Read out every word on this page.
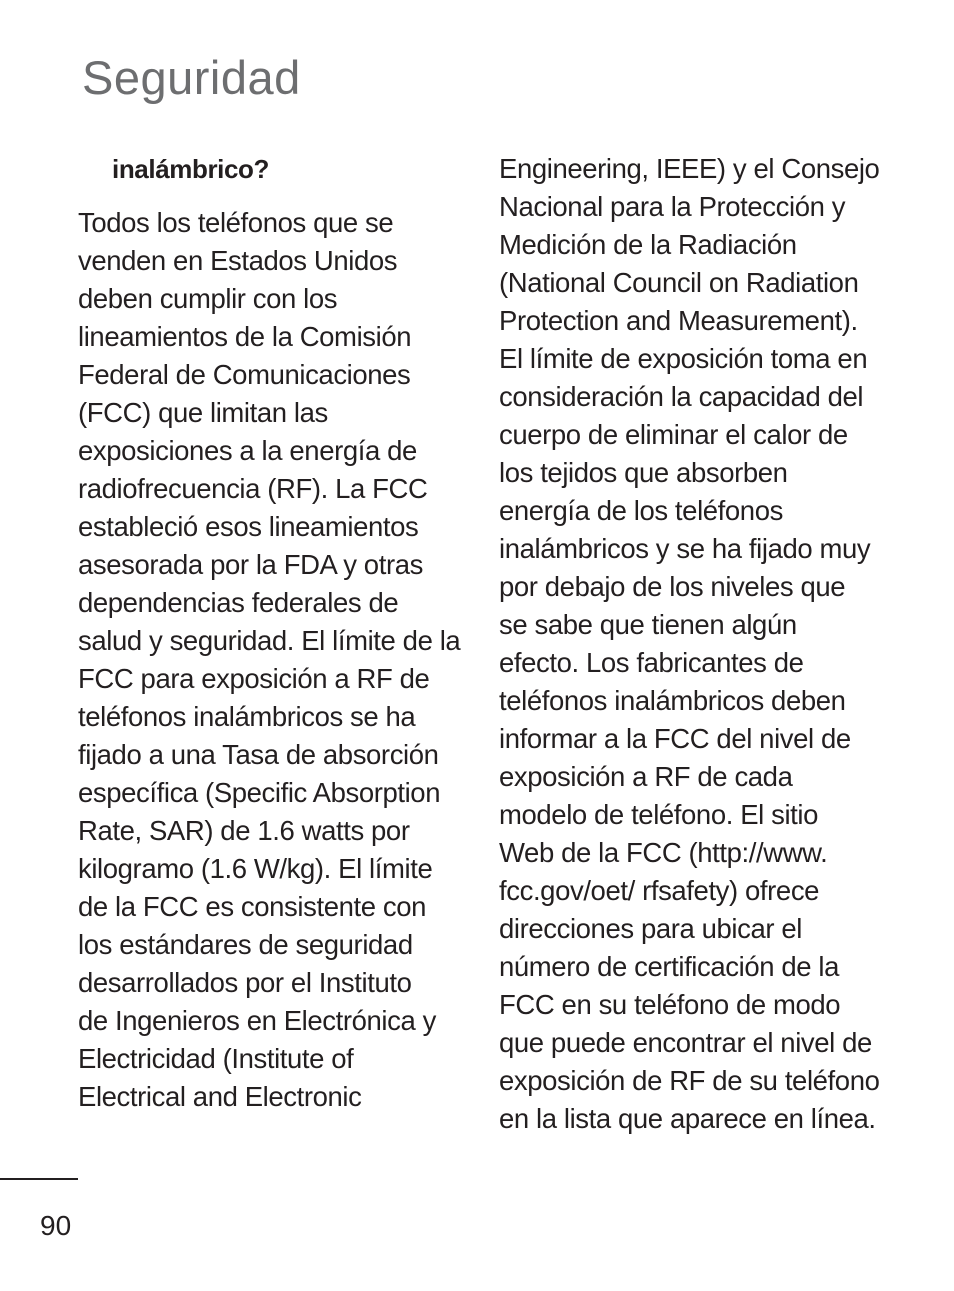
Seguridad
inalámbrico?
Todos los teléfonos que se
venden en Estados Unidos
deben cumplir con los
lineamientos de la Comisión
Federal de Comunicaciones
(FCC) que limitan las
exposiciones a la energía de
radiofrecuencia (RF). La FCC
estableció esos lineamientos
asesorada por la FDA y otras
dependencias federales de
salud y seguridad. El límite de la
FCC para exposición a RF de
teléfonos inalámbricos se ha
fijado a una Tasa de absorción
específica (Specific Absorption
Rate, SAR) de 1.6 watts por
kilogramo (1.6 W/kg). El límite
de la FCC es consistente con
los estándares de seguridad
desarrollados por el Instituto
de Ingenieros en Electrónica y
Electricidad (Institute of
Electrical and Electronic
Engineering, IEEE) y el Consejo
Nacional para la Protección y
Medición de la Radiación
(National Council on Radiation
Protection and Measurement).
El límite de exposición toma en
consideración la capacidad del
cuerpo de eliminar el calor de
los tejidos que absorben
energía de los teléfonos
inalámbricos y se ha fijado muy
por debajo de los niveles que
se sabe que tienen algún
efecto. Los fabricantes de
teléfonos inalámbricos deben
informar a la FCC del nivel de
exposición a RF de cada
modelo de teléfono. El sitio
Web de la FCC (http://www.
fcc.gov/oet/ rfsafety) ofrece
direcciones para ubicar el
número de certificación de la
FCC en su teléfono de modo
que puede encontrar el nivel de
exposición de RF de su teléfono
en la lista que aparece en línea.
90
